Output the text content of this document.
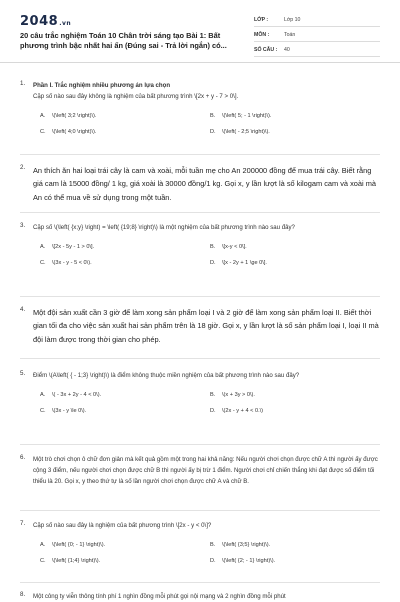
2048.vn
20 câu trắc nghiệm Toán 10 Chân trời sáng tạo Bài 1: Bất phương trình bậc nhất hai ẩn (Đúng sai - Trả lời ngắn) có...
LỚP :	Lớp 10
MÔN :	Toán
SỐ CÂU :	40
1. Phần I. Trắc nghiệm nhiều phương án lựa chọn
Cặp số nào sau đây không là nghiệm của bất phương trình \[2x + y - 7 > 0\].
A.	\(\left( 3;2 \right)\).	B.	\(\left( 5; - 1 \right)\).
C.	\(\left( 4;0 \right)\).	D.	\(\left( - 2;5 \right)\).
2. An thích ăn hai loại trái cây là cam và xoài, mỗi tuần mẹ cho An 200000 đồng để mua trái cây. Biết rằng giá cam là 15000 đồng/ 1 kg, giá xoài là 30000 đồng/1 kg. Gọi x, y lần lượt là số kilogam cam và xoài mà An có thể mua về sử dụng trong một tuần.
3. Cặp số \(\left( {x;y} \right) = \left( {19;8} \right)\) là một nghiệm của bất phương trình nào sau đây?
A.	\[2x - 5y - 1 > 0\].	B.	\[x-y < 0\].
C.	\(3x - y - 5 < 0\).	D.	\[x - 2y + 1 \ge 0\].
4. Một đội sản xuất cần 3 giờ để làm xong sản phẩm loại I và 2 giờ để làm xong sản phẩm loại II. Biết thời gian tối đa cho việc sản xuất hai sản phẩm trên là 18 giờ. Gọi x, y lần lượt là số sản phẩm loại I, loại II mà đội làm được trong thời gian cho phép.
5. Điểm \(A\left( { - 1;3} \right)\) là điểm không thuộc miền nghiệm của bất phương trình nào sau đây?
A.	\( - 3x + 2y - 4 < 0\).	B.	\(x + 3y > 0\).
C.	\(3x - y \le 0\).	D.	\(2x - y + 4 < 0.\)
6. Một trò chơi chọn ô chữ đơn giản mà kết quả gồm một trong hai khả năng: Nếu người chơi chọn được chữ A thì người ấy được cộng 3 điểm, nếu người chơi chọn được chữ B thì người ấy bị trừ 1 điểm. Người chơi chỉ chiến thắng khi đạt được số điểm tối thiểu là 20. Gọi x, y theo thứ tự là số lần người chơi chọn được chữ A và chữ B.
7. Cặp số nào sau đây là nghiệm của bất phương trình \[2x - y < 0\]?
A.	\(\left( {0; - 1} \right)\).	B.	\(\left( {3;5} \right)\).
C.	\(\left( {1;4} \right)\).	D.	\(\left( {2; - 1} \right)\).
8. Một công ty viễn thông tính phí 1 nghìn đồng mỗi phút gọi nội mạng và 2 nghìn đồng mỗi phút
